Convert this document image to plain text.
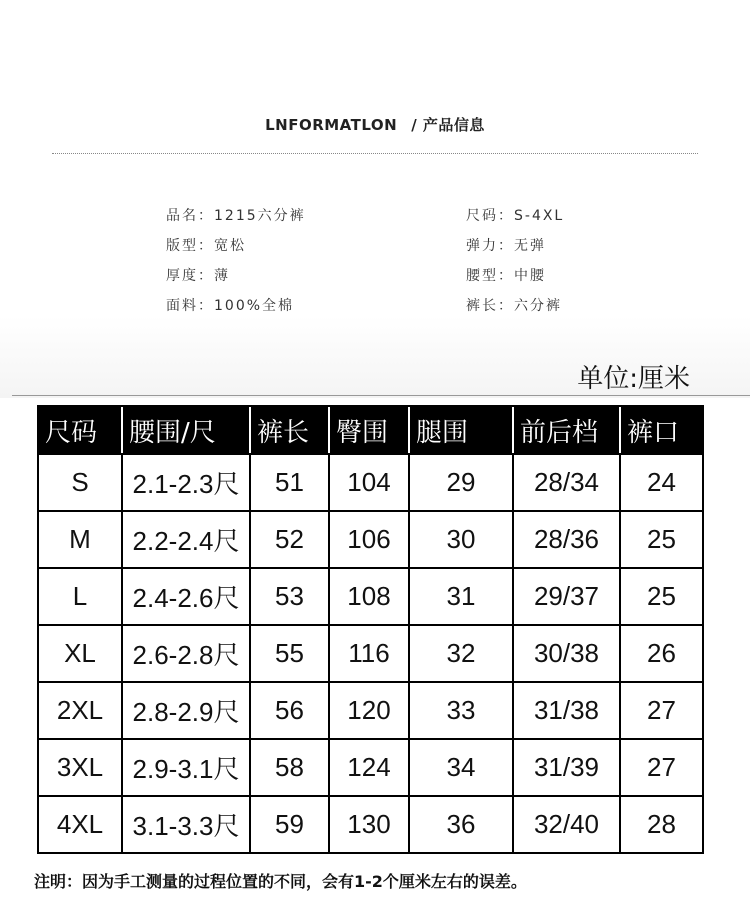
LNFORMATLON / 产品信息
品名：1215六分裤	尺码：S-4XL
版型：宽松	弹力：无弹
厚度：薄	腰型：中腰
面料：100%全棉	裤长：六分裤
单位:厘米
尺码	腰围/尺	裤长	臀围	腿围	前后档	裤口
S	2.1-2.3尺	51	104	29	28/34	24
M	2.2-2.4尺	52	106	30	28/36	25
L	2.4-2.6尺	53	108	31	29/37	25
XL	2.6-2.8尺	55	116	32	30/38	26
2XL	2.8-2.9尺	56	120	33	31/38	27
3XL	2.9-3.1尺	58	124	34	31/39	27
4XL	3.1-3.3尺	59	130	36	32/40	28
注明：因为手工测量的过程位置的不同，会有1-2个厘米左右的误差。
